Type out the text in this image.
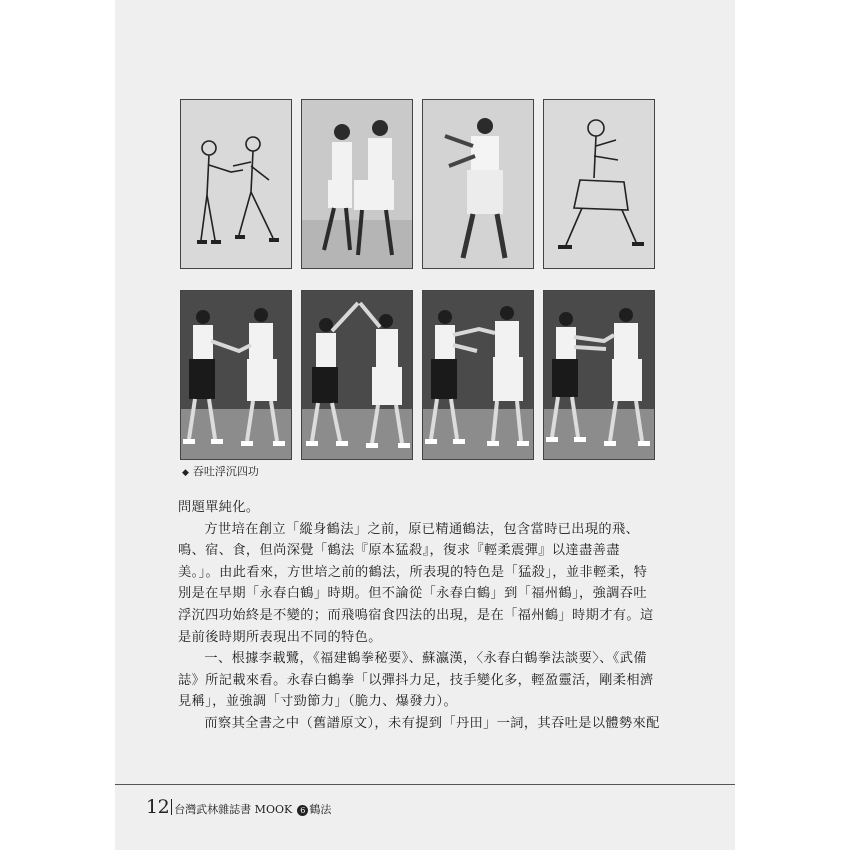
◆ 吞吐浮沉四功

問題單純化。

方世培在創立「縱身鶴法」之前，原已精通鶴法，包含當時已出現的飛、鳴、宿、食，但尚深覺「鶴法『原本猛殺』，復求『輕柔震彈』以達盡善盡美。」。由此看來，方世培之前的鶴法，所表現的特色是「猛殺」，並非輕柔，特別是在早期「永春白鶴」時期。但不論從「永春白鶴」到「福州鶴」，強調吞吐浮沉四功始終是不變的；而飛鳴宿食四法的出現，是在「福州鶴」時期才有。這是前後時期所表現出不同的特色。

一、根據李載鷺，《福建鶴拳秘要》、蘇瀛漢，〈永春白鶴拳法談要〉、《武備誌》所記載來看。永春白鶴拳「以彈抖力足，技手變化多，輕盈靈活，剛柔相濟見稱」，並強調「寸勁節力」（脆力、爆發力）。

而察其全書之中（舊譜原文），未有提到「丹田」一詞，其吞吐是以體勢來配

12 台灣武林雜誌書 MOOK 6 鶴法
